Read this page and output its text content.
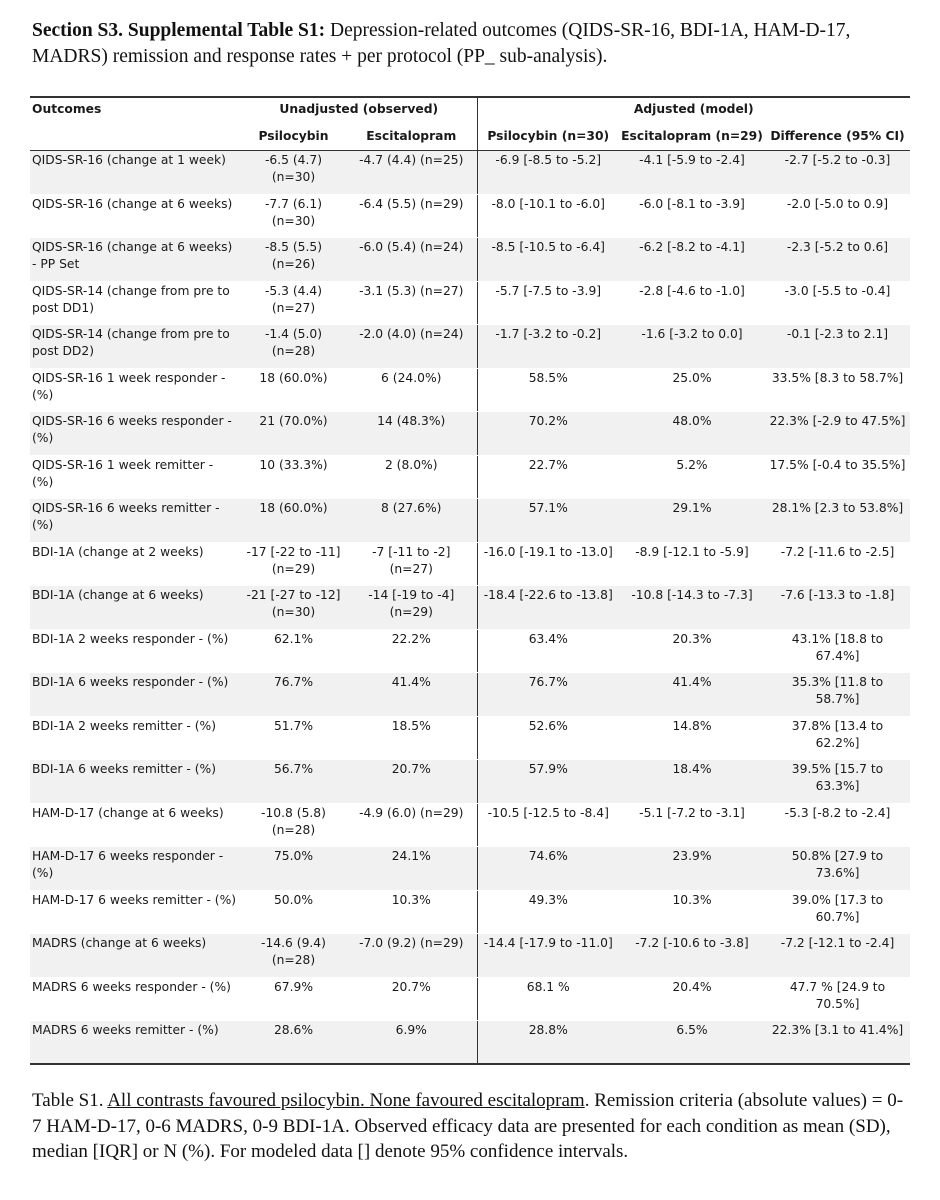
Section S3. Supplemental Table S1: Depression-related outcomes (QIDS-SR-16, BDI-1A, HAM-D-17, MADRS) remission and response rates + per protocol (PP_ sub-analysis).
Outcomes	Unadjusted (observed)		Adjusted (model)		
	Psilocybin	Escitalopram	Psilocybin (n=30)	Escitalopram (n=29)	Difference (95% CI)
QIDS-SR-16 (change at 1 week)	-6.5 (4.7) (n=30)	-4.7 (4.4) (n=25)	-6.9 [-8.5 to -5.2]	-4.1 [-5.9 to -2.4]	-2.7 [-5.2 to -0.3]
QIDS-SR-16 (change at 6 weeks)	-7.7 (6.1) (n=30)	-6.4 (5.5) (n=29)	-8.0 [-10.1 to -6.0]	-6.0 [-8.1 to -3.9]	-2.0 [-5.0 to 0.9]
QIDS-SR-16 (change at 6 weeks) - PP Set	-8.5 (5.5) (n=26)	-6.0 (5.4) (n=24)	-8.5 [-10.5 to -6.4]	-6.2 [-8.2 to -4.1]	-2.3 [-5.2 to 0.6]
QIDS-SR-14 (change from pre to post DD1)	-5.3 (4.4) (n=27)	-3.1 (5.3) (n=27)	-5.7 [-7.5 to -3.9]	-2.8 [-4.6 to -1.0]	-3.0 [-5.5 to -0.4]
QIDS-SR-14 (change from pre to post DD2)	-1.4 (5.0) (n=28)	-2.0 (4.0) (n=24)	-1.7 [-3.2 to -0.2]	-1.6 [-3.2 to 0.0]	-0.1 [-2.3 to 2.1]
QIDS-SR-16 1 week responder - (%)	18 (60.0%)	6 (24.0%)	58.5%	25.0%	33.5% [8.3 to 58.7%]
QIDS-SR-16 6 weeks responder - (%)	21 (70.0%)	14 (48.3%)	70.2%	48.0%	22.3% [-2.9 to 47.5%]
QIDS-SR-16 1 week remitter - (%)	10 (33.3%)	2 (8.0%)	22.7%	5.2%	17.5% [-0.4 to 35.5%]
QIDS-SR-16 6 weeks remitter - (%)	18 (60.0%)	8 (27.6%)	57.1%	29.1%	28.1% [2.3 to 53.8%]
BDI-1A (change at 2 weeks)	-17 [-22 to -11] (n=29)	-7 [-11 to -2] (n=27)	-16.0 [-19.1 to -13.0]	-8.9 [-12.1 to -5.9]	-7.2 [-11.6 to -2.5]
BDI-1A (change at 6 weeks)	-21 [-27 to -12] (n=30)	-14 [-19 to -4] (n=29)	-18.4 [-22.6 to -13.8]	-10.8 [-14.3 to -7.3]	-7.6 [-13.3 to -1.8]
BDI-1A 2 weeks responder - (%)	62.1%	22.2%	63.4%	20.3%	43.1% [18.8 to 67.4%]
BDI-1A 6 weeks responder - (%)	76.7%	41.4%	76.7%	41.4%	35.3% [11.8 to 58.7%]
BDI-1A 2 weeks remitter - (%)	51.7%	18.5%	52.6%	14.8%	37.8% [13.4 to 62.2%]
BDI-1A 6 weeks remitter - (%)	56.7%	20.7%	57.9%	18.4%	39.5% [15.7 to 63.3%]
HAM-D-17 (change at 6 weeks)	-10.8 (5.8) (n=28)	-4.9 (6.0) (n=29)	-10.5 [-12.5 to -8.4]	-5.1 [-7.2 to -3.1]	-5.3 [-8.2 to -2.4]
HAM-D-17 6 weeks responder - (%)	75.0%	24.1%	74.6%	23.9%	50.8% [27.9 to 73.6%]
HAM-D-17 6 weeks remitter - (%)	50.0%	10.3%	49.3%	10.3%	39.0% [17.3 to 60.7%]
MADRS (change at 6 weeks)	-14.6 (9.4) (n=28)	-7.0 (9.2) (n=29)	-14.4 [-17.9 to -11.0]	-7.2 [-10.6 to -3.8]	-7.2 [-12.1 to -2.4]
MADRS 6 weeks responder - (%)	67.9%	20.7%	68.1 %	20.4%	47.7 % [24.9 to 70.5%]
MADRS 6 weeks remitter - (%)	28.6%	6.9%	28.8%	6.5%	22.3% [3.1 to 41.4%]
Table S1. All contrasts favoured psilocybin. None favoured escitalopram. Remission criteria (absolute values) = 0-7 HAM-D-17, 0-6 MADRS, 0-9 BDI-1A. Observed efficacy data are presented for each condition as mean (SD), median [IQR] or N (%). For modeled data [] denote 95% confidence intervals.
